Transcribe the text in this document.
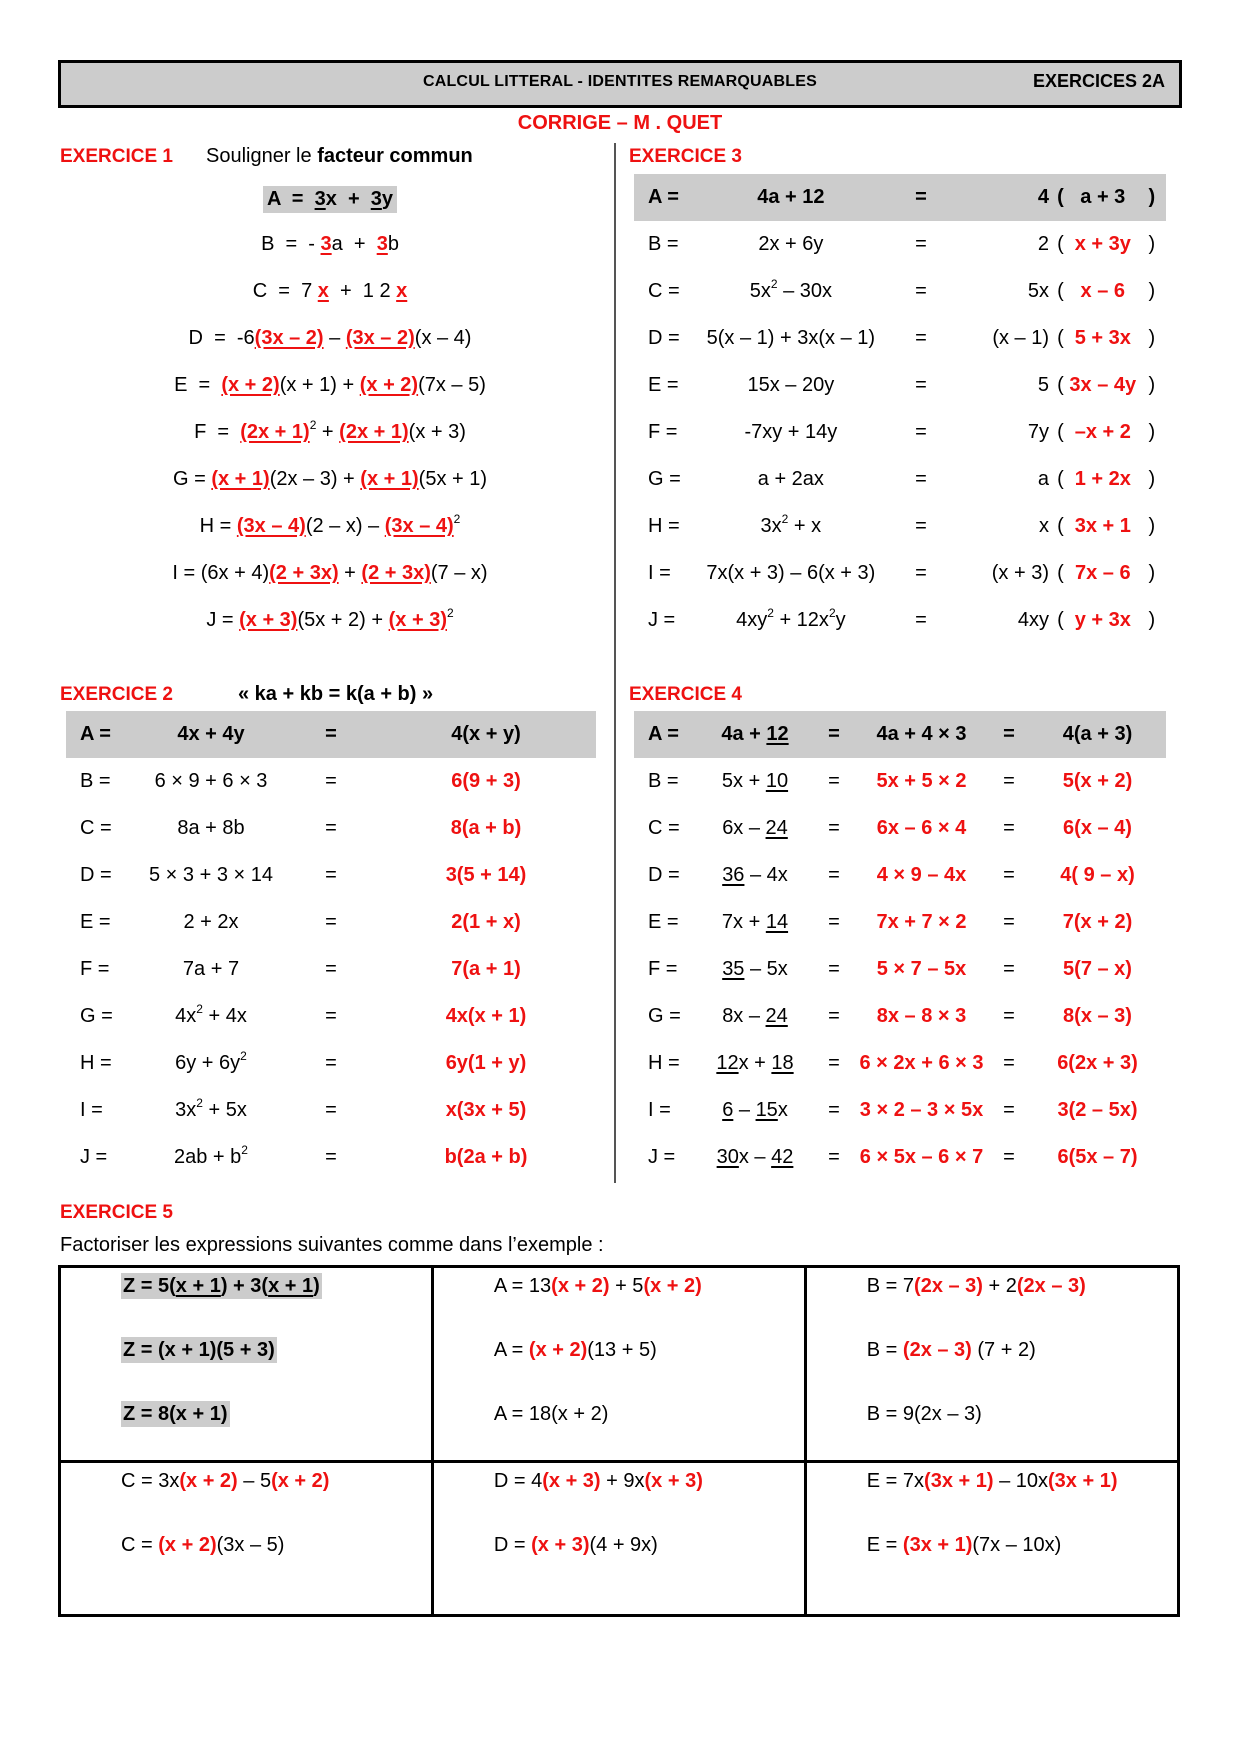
CALCUL LITTERAL - IDENTITES REMARQUABLES	EXERCICES 2A
CORRIGE – M . QUET
EXERCICE 1 Souligner le facteur commun
A  =  3x  +  3y
B  =  - 3a  +  3b
C  =  7 x  +  1 2 x
D  =  -6(3x – 2) – (3x – 2)(x – 4)
E  =  (x + 2)(x + 1) + (x + 2)(7x – 5)
$F = (2x + 1)^2 + (2x + 1)(x + 3)$
G = (x + 1)(2x – 3) + (x + 1)(5x + 1)
H = (3x – 4)(2 – x) – (3x – 4)$^2$
I = (6x + 4)(2 + 3x) + (2 + 3x)(7 – x)
$J = (x + 3)(5x + 2) + (x + 3)^2$
EXERCICE 3
A =	4a + 12	=	4	(	a + 3	)
B =	2x + 6y	=	2	(	x + 3y	)
C =	$5x^2 - 30x$	=	5x	(	x – 6	)
D =	5(x – 1) + 3x(x – 1)	=	(x – 1)	(	5 + 3x	)
E =	15x – 20y	=	5	(	3x – 4y	)
F =	-7xy + 14y	=	7y	(	–x + 2	)
G =	a + 2ax	=	a	(	1 + 2x	)
H =	$3x^2 + x$	=	x	(	3x + 1	)
I =	7x(x + 3) – 6(x + 3)	=	(x + 3)	(	7x – 6	)
J =	$4xy^2 + 12x^2y$	=	4xy	(	y + 3x	)
EXERCICE 2	« ka + kb = k(a + b) »
A =	4x + 4y	=	4(x + y)
B =	6 × 9 + 6 × 3	=	6(9 + 3)
C =	8a + 8b	=	8(a + b)
D =	5 × 3 + 3 × 14	=	3(5 + 14)
E =	2 + 2x	=	2(1 + x)
F =	7a + 7	=	7(a + 1)
G =	$4x^2 + 4x$	=	4x(x + 1)
H =	$6y + 6y^2$	=	6y(1 + y)
I =	$3x^2 + 5x$	=	x(3x + 5)
J =	$2ab + b^2$	=	b(2a + b)
EXERCICE 4
A =	4a + 12	=	4a + 4 × 3	=	4(a + 3)
B =	5x + 10	=	5x + 5 × 2	=	5(x + 2)
C =	6x – 24	=	6x – 6 × 4	=	6(x – 4)
D =	36 – 4x	=	4 × 9 – 4x	=	4( 9 – x)
E =	7x + 14	=	7x + 7 × 2	=	7(x + 2)
F =	35 – 5x	=	5 × 7 – 5x	=	5(7 – x)
G =	8x – 24	=	8x – 8 × 3	=	8(x – 3)
H =	12x + 18	=	6 × 2x + 6 × 3	=	6(2x + 3)
I =	6 – 15x	=	3 × 2 – 3 × 5x	=	3(2 – 5x)
J =	30x – 42	=	6 × 5x – 6 × 7	=	6(5x – 7)
EXERCICE 5
Factoriser les expressions suivantes comme dans l’exemple :
Z = 5(x + 1) + 3(x + 1)
Z = (x + 1)(5 + 3)
Z = 8(x + 1)

A = 13(x + 2) + 5(x + 2)
A = (x + 2)(13 + 5)
A = 18(x + 2)

B = 7(2x – 3) + 2(2x – 3)
B = (2x – 3) (7 + 2)
B = 9(2x – 3)

C = 3x(x + 2) – 5(x + 2)
C = (x + 2)(3x – 5)

D = 4(x + 3) + 9x(x + 3)
D = (x + 3)(4 + 9x)

E = 7x(3x + 1) – 10x(3x + 1)
E = (3x + 1)(7x – 10x)
